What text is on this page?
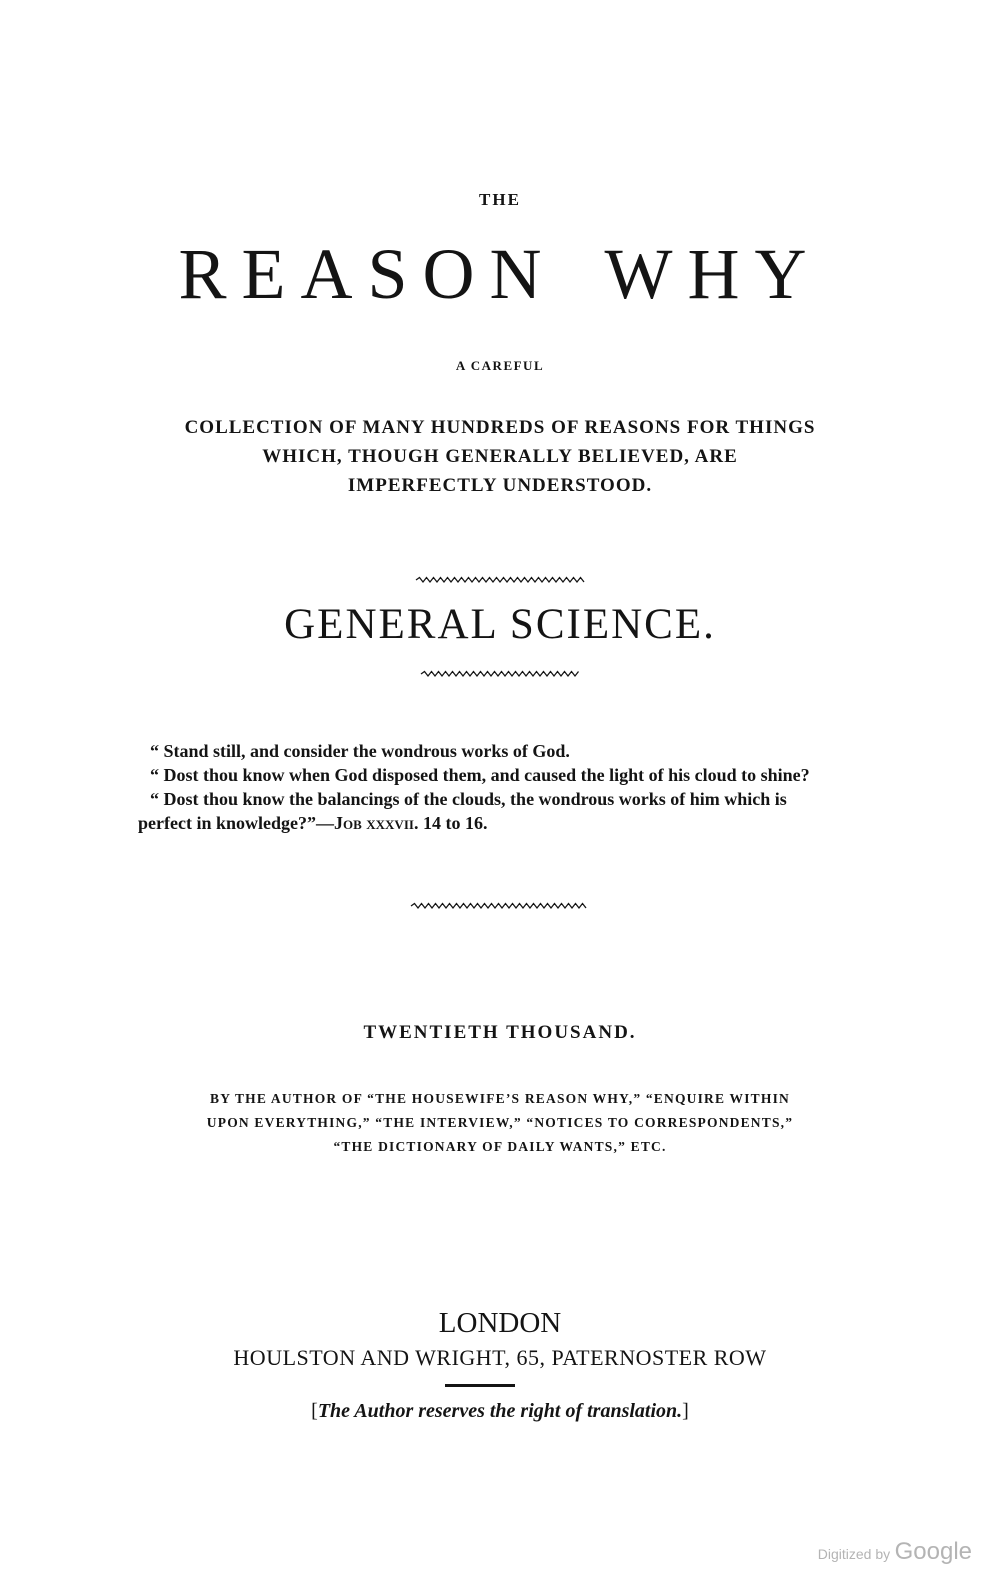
THE
REASON WHY
A CAREFUL
COLLECTION OF MANY HUNDREDS OF REASONS FOR THINGS
WHICH, THOUGH GENERALLY BELIEVED, ARE
IMPERFECTLY UNDERSTOOD.
GENERAL SCIENCE.

“ Stand still, and consider the wondrous works of God.

“ Dost thou know when God disposed them, and caused the light of his cloud to shine?

“ Dost thou know the balancings of the clouds, the wondrous works of him which is perfect in knowledge?”—Job xxxvii. 14 to 16.

TWENTIETH THOUSAND.
BY THE AUTHOR OF “THE HOUSEWIFE’S REASON WHY,” “ENQUIRE WITHIN
UPON EVERYTHING,” “THE INTERVIEW,” “NOTICES TO CORRESPONDENTS,”
“THE DICTIONARY OF DAILY WANTS,” ETC.
LONDON
HOULSTON AND WRIGHT, 65, PATERNOSTER ROW
[The Author reserves the right of translation.]
Digitized by Google
